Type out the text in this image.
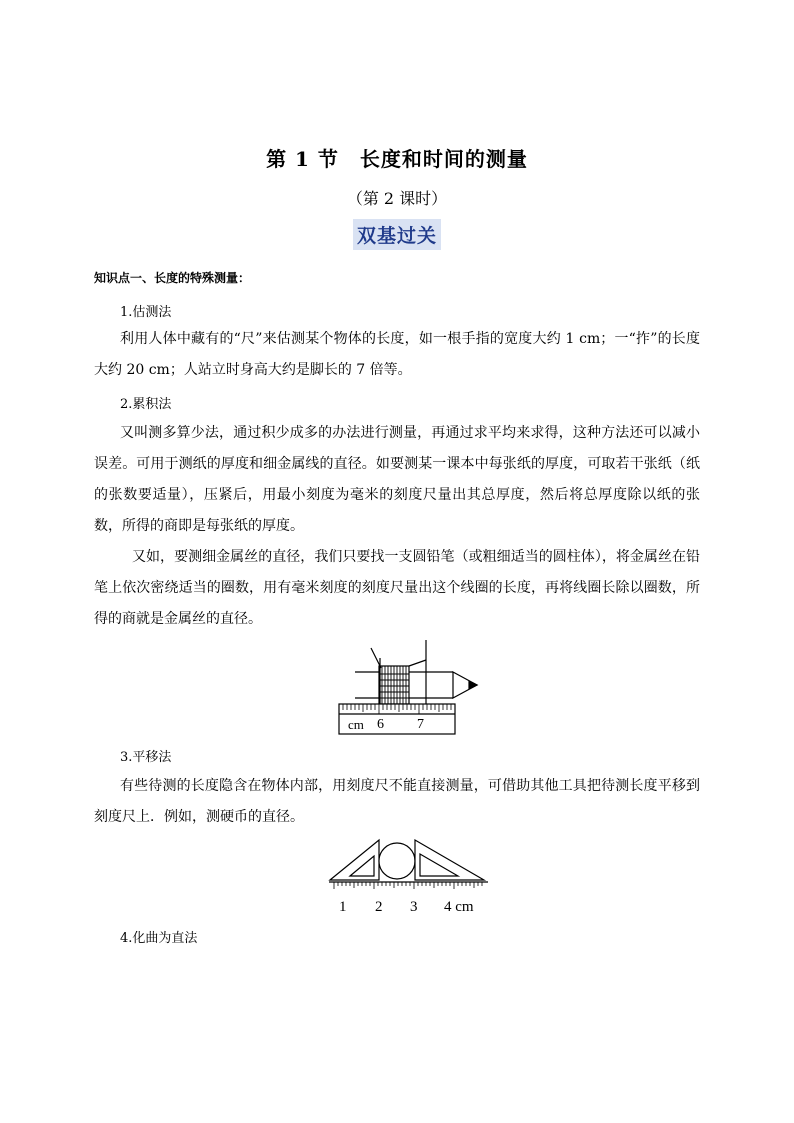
第 1 节　长度和时间的测量
（第 2 课时）
双基过关
知识点一、长度的特殊测量：
1.估测法
利用人体中藏有的“尺”来估测某个物体的长度，如一根手指的宽度大约 1 cm；一“拃”的长度大约 20 cm；人站立时身高大约是脚长的 7 倍等。
2.累积法
又叫测多算少法，通过积少成多的办法进行测量，再通过求平均来求得，这种方法还可以减小误差。可用于测纸的厚度和细金属线的直径。如要测某一课本中每张纸的厚度，可取若干张纸（纸的张数要适量），压紧后，用最小刻度为毫米的刻度尺量出其总厚度，然后将总厚度除以纸的张数，所得的商即是每张纸的厚度。
又如，要测细金属丝的直径，我们只要找一支圆铅笔（或粗细适当的圆柱体），将金属丝在铅笔上依次密绕适当的圈数，用有毫米刻度的刻度尺量出这个线圈的长度，再将线圈长除以圈数，所得的商就是金属丝的直径。
cm 6 7
3.平移法
有些待测的长度隐含在物体内部，用刻度尺不能直接测量，可借助其他工具把待测长度平移到刻度尺上．例如，测硬币的直径。
1 2 3 4 cm
4.化曲为直法
